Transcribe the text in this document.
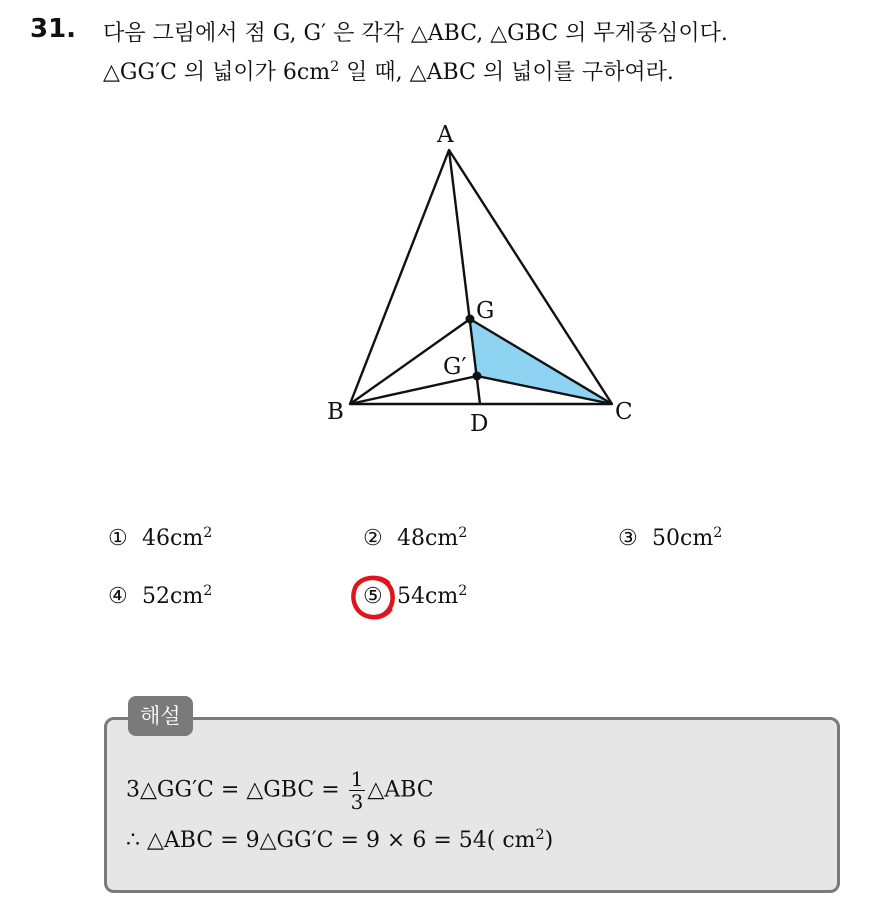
31. 다음 그림에서 점 G, G′ 은 각각 △ABC, △GBC 의 무게중심이다.
△GG′C 의 넓이가 $6cm^2$ 일 때, △ABC 의 넓이를 구하여라.
A
B	C
D
G
G′
① $46cm^2$	② $48cm^2$	③ $50cm^2$
④ $52cm^2$	⑤ $54cm^2$
해설
3△GG′C = △GBC = $\frac{1}{3}$ △ABC
∴ △ABC = 9△GG′C = 9 × 6 = 54( $cm^2$)
